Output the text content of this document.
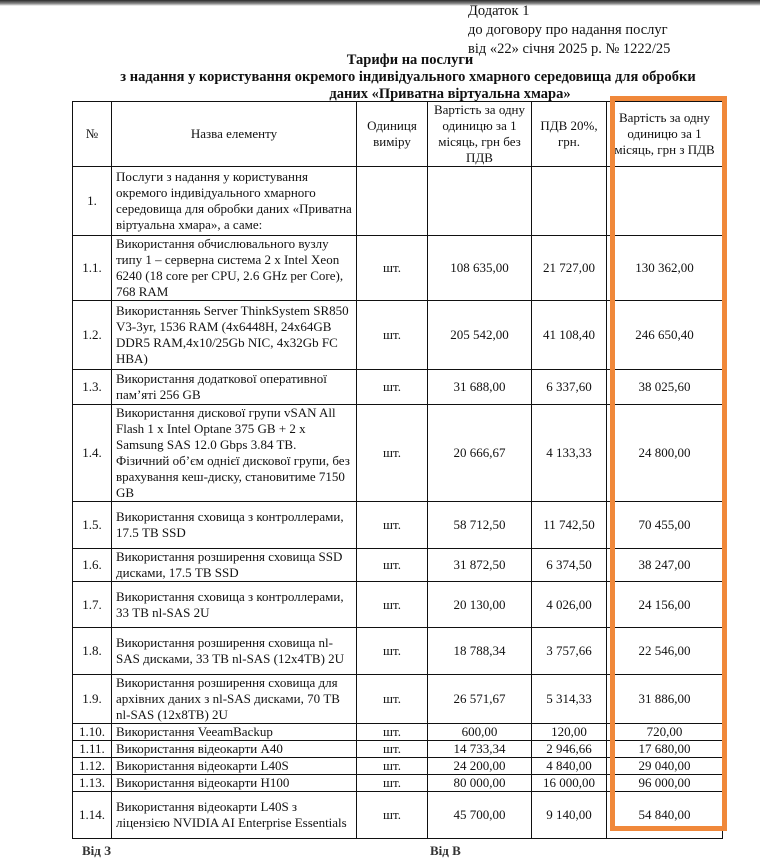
Додаток 1
до договору про надання послуг
від «22» січня 2025 р. № 1222/25
Тарифи на послуги
з надання у користування окремого індивідуального хмарного середовища для обробки
даних «Приватна віртуальна хмара»
№	Назва елементу	Одиниця виміру	Вартість за одну одиницю за 1 місяць, грн без ПДВ	ПДВ 20%, грн.	Вартість за одну одиницю за 1 місяць, грн з ПДВ
1.	Послуги з надання у користування окремого індивідуального хмарного середовища для обробки даних «Приватна віртуальна хмара», а саме:				
1.1.	Використання обчислювального вузлу типу 1 – серверна система 2 x Intel Xeon 6240 (18 core per CPU, 2.6 GHz per Core), 768 RAM	шт.	108 635,00	21 727,00	130 362,00
1.2.	Використанняь Server ThinkSystem SR850 V3-3yr, 1536 RAM (4x6448H, 24x64GB DDR5 RAM,4x10/25Gb NIC, 4x32Gb FC HBA)	шт.	205 542,00	41 108,40	246 650,40
1.3.	Використання додаткової оперативної пам’яті 256 GB	шт.	31 688,00	6 337,60	38 025,60
1.4.	Використання дискової групи vSAN All Flash 1 x Intel Optane 375 GB + 2 x Samsung SAS 12.0 Gbps 3.84 TB. Фізичний об’єм однієї дискової групи, без врахування кеш-диску, становитиме 7150 GB	шт.	20 666,67	4 133,33	24 800,00
1.5.	Використання сховища з контроллерами, 17.5 TB SSD	шт.	58 712,50	11 742,50	70 455,00
1.6.	Використання розширення сховища SSD дисками, 17.5 TB SSD	шт.	31 872,50	6 374,50	38 247,00
1.7.	Використання сховища з контроллерами, 33 TB nl-SAS 2U	шт.	20 130,00	4 026,00	24 156,00
1.8.	Використання розширення сховища nl-SAS дисками, 33 TB nl-SAS (12x4TB) 2U	шт.	18 788,34	3 757,66	22 546,00
1.9.	Використання розширення сховища для архівних даних з nl-SAS дисками, 70 TB nl-SAS (12x8TB) 2U	шт.	26 571,67	5 314,33	31 886,00
1.10.	Використання VeeamBackup	шт.	600,00	120,00	720,00
1.11.	Використання відеокарти A40	шт.	14 733,34	2 946,66	17 680,00
1.12.	Використання відеокарти L40S	шт.	24 200,00	4 840,00	29 040,00
1.13.	Використання відеокарти H100	шт.	80 000,00	16 000,00	96 000,00
1.14.	Використання відеокарти L40S з ліцензією NVIDIA AI Enterprise Essentials	шт.	45 700,00	9 140,00	54 840,00
Від З	Від В
